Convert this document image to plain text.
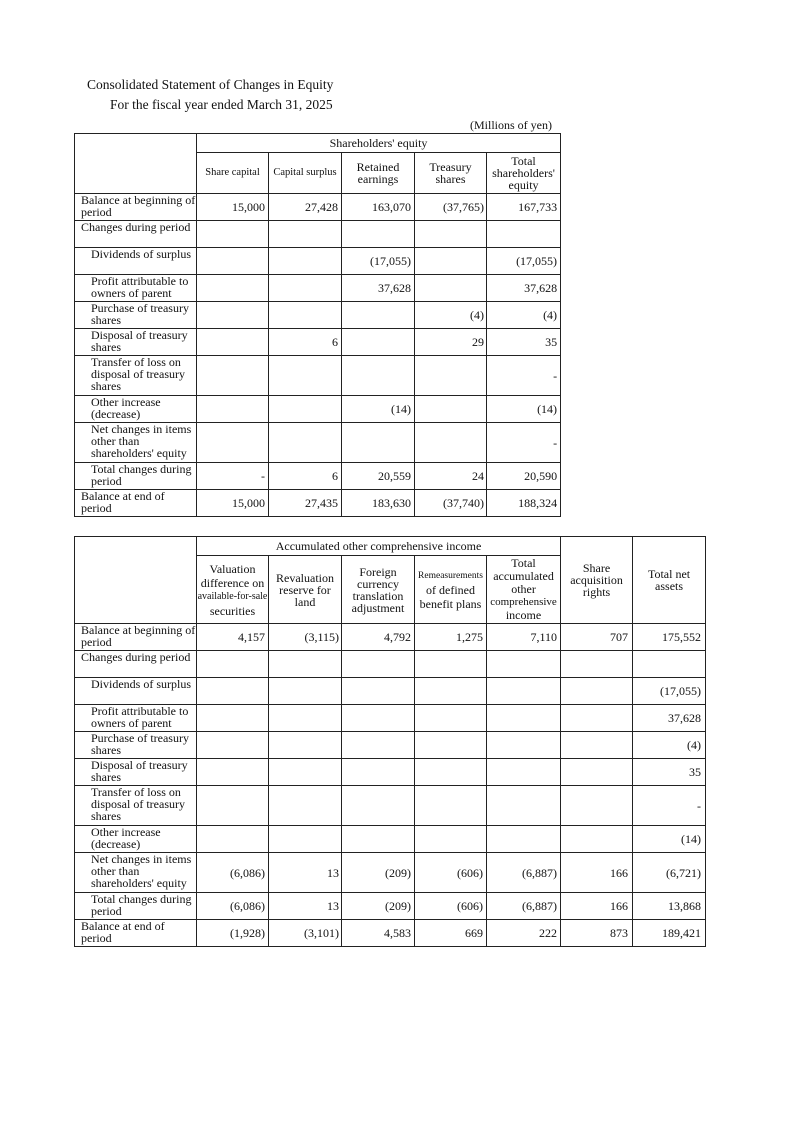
Consolidated Statement of Changes in Equity
For the fiscal year ended March 31, 2025
(Millions of yen)
	Shareholders' equity				
	Share capital	Capital surplus	Retained earnings	Treasury shares	Total shareholders' equity
Balance at beginning of period	15,000	27,428	163,070	(37,765)	167,733
Changes during period					
Dividends of surplus			(17,055)		(17,055)
Profit attributable to owners of parent			37,628		37,628
Purchase of treasury shares				(4)	(4)
Disposal of treasury shares		6		29	35
Transfer of loss on disposal of treasury shares					-
Other increase (decrease)			(14)		(14)
Net changes in items other than shareholders' equity					-
Total changes during period	-	6	20,559	24	20,590
Balance at end of period	15,000	27,435	183,630	(37,740)	188,324
	Accumulated other comprehensive income					Share acquisition rights	Total net assets

	Valuation
difference on
available-for-sale
securities	Revaluation reserve for land	Foreign currency translation adjustment	Remeasurements
of defined
benefit plans	Total
accumulated
other
comprehensive
income		

Balance at beginning of period	4,157	(3,115)	4,792	1,275	7,110	707	175,552
Changes during period							
Dividends of surplus							(17,055)
Profit attributable to owners of parent							37,628
Purchase of treasury shares							(4)
Disposal of treasury shares							35
Transfer of loss on disposal of treasury shares							-
Other increase (decrease)							(14)
Net changes in items other than shareholders' equity	(6,086)	13	(209)	(606)	(6,887)	166	(6,721)
Total changes during period	(6,086)	13	(209)	(606)	(6,887)	166	13,868
Balance at end of period	(1,928)	(3,101)	4,583	669	222	873	189,421
